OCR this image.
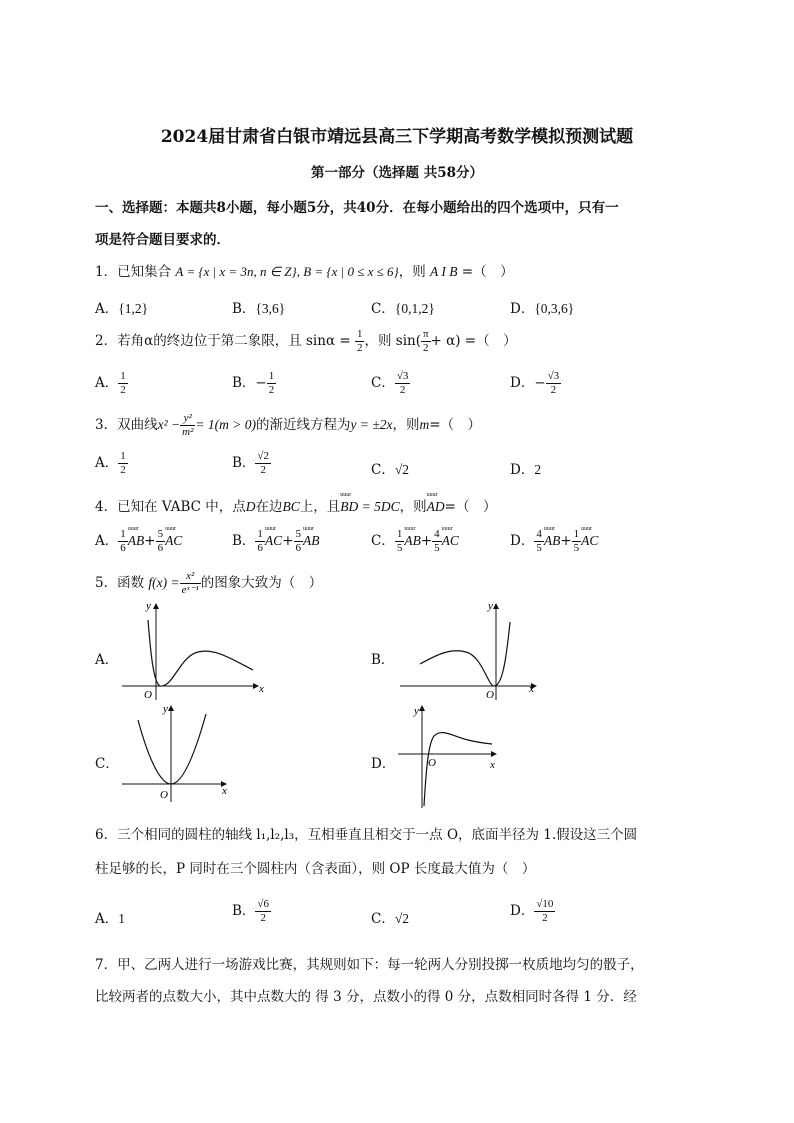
2024届甘肃省白银市靖远县高三下学期高考数学模拟预测试题
第一部分（选择题 共58分）
一、选择题：本题共8小题，每小题5分，共40分．在每小题给出的四个选项中，只有一
项是符合题目要求的．
1．已知集合 A = {x | x = 3n, n ∈ Z}, B = {x | 0 ≤ x ≤ 6}，则 A I B =（　）
A．{1,2}	B．{3,6}	C．{0,1,2}	D．{0,3,6}
2．若角α的终边位于第二象限，且 $\sin\alpha = \frac{1}{2}$ ，则 $\sin( \frac{\pi}{2} + \alpha)$ =（　）
A． $\frac{1}{2}$	B．− $\frac{1}{2}$	C． $\frac{√3}{2}$	D．− $\frac{√3}{2}$
3．双曲线$x^2 - \frac{\text{y²}}{\text{m²}} = 1(m > 0)$的渐近线方程为y = ±2x，则m=（　）
A． $\frac{1}{2}$	B． $\frac{√2}{2}$	C．√2	D．2
4．已知在 VABC 中，点D在边BC上，且uuur BD = 5DC，则uuur AD=（　）
A． $\frac{1}{6}$ uuur $AB+ \frac{5}{6}$ uuur AC	B． $\frac{1}{6}$ uuur $AC+ \frac{5}{6}$ uuur AB	C． $\frac{1}{5}$ uuur $AB+ \frac{4}{5}$ uuur AC	D． $\frac{4}{5}$ uuur $AB+ \frac{1}{5}$ uuur AC
5．函数 $f(x) = \frac{\text{x²}}{\text{eˣ⁻¹}}$ 的图象大致为（　）
A．	B．
C．	D．
O	x
y
O	x
y
O	x
y
O	x
y
6．三个相同的圆柱的轴线 l₁,l₂,l₃，互相垂直且相交于一点 O，底面半径为 1.假设这三个圆
柱足够的长，P 同时在三个圆柱内（含表面），则 OP 长度最大值为（　）
A．1	B． $\frac{√6}{2}$	C．√2	D． $\frac{√10}{2}$
7．甲、乙两人进行一场游戏比赛，其规则如下：每一轮两人分别投掷一枚质地均匀的骰子，
比较两者的点数大小，其中点数大的 得 3 分，点数小的得 0 分，点数相同时各得 1 分．经
